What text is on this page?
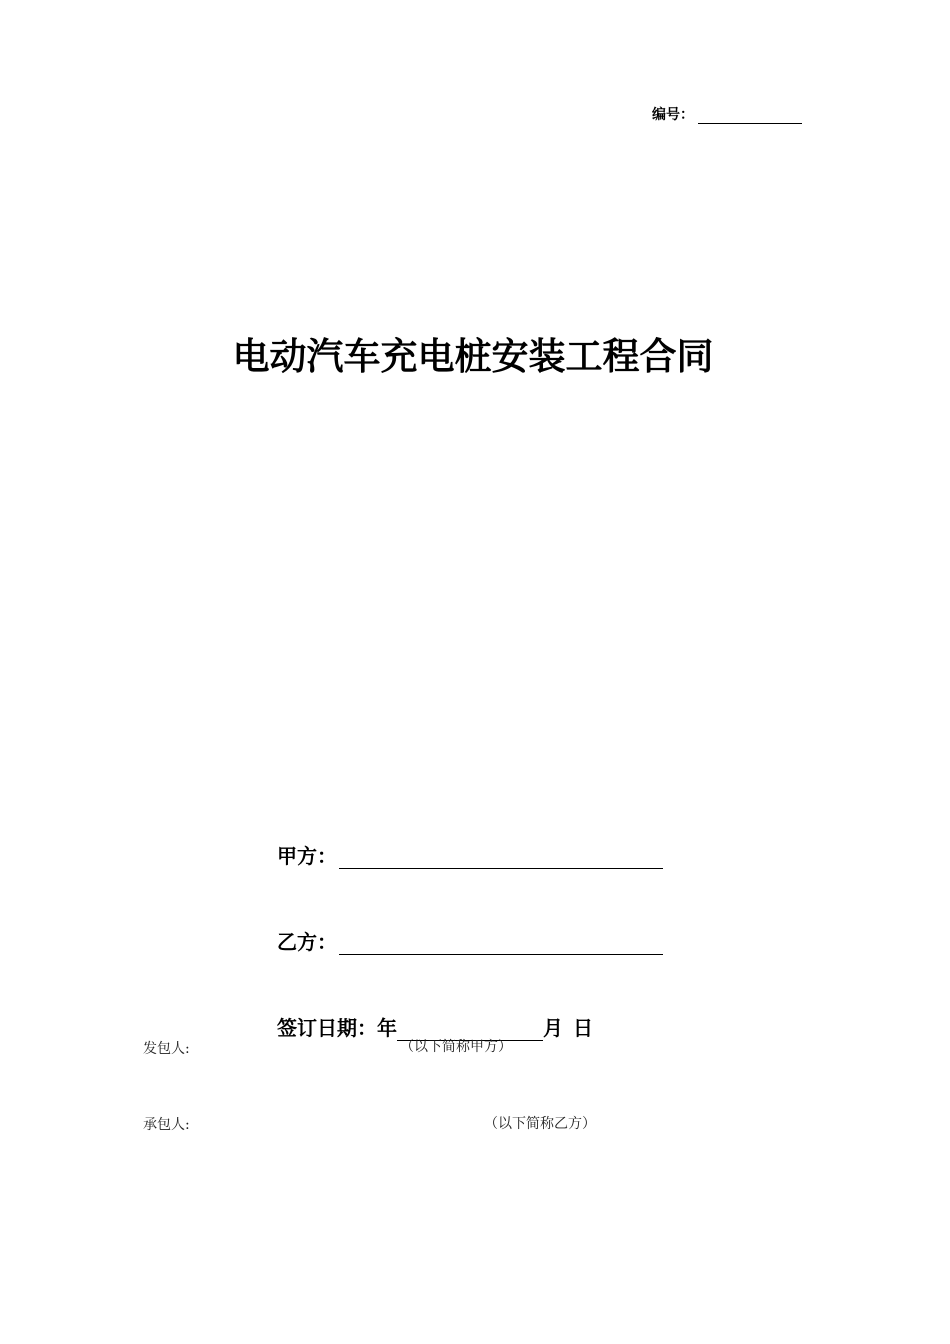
编号：
电动汽车充电桩安装工程合同
甲方：
乙方：
签订日期： 年	月 日
发包人:	（以下简称甲方）
承包人:	（以下简称乙方）
